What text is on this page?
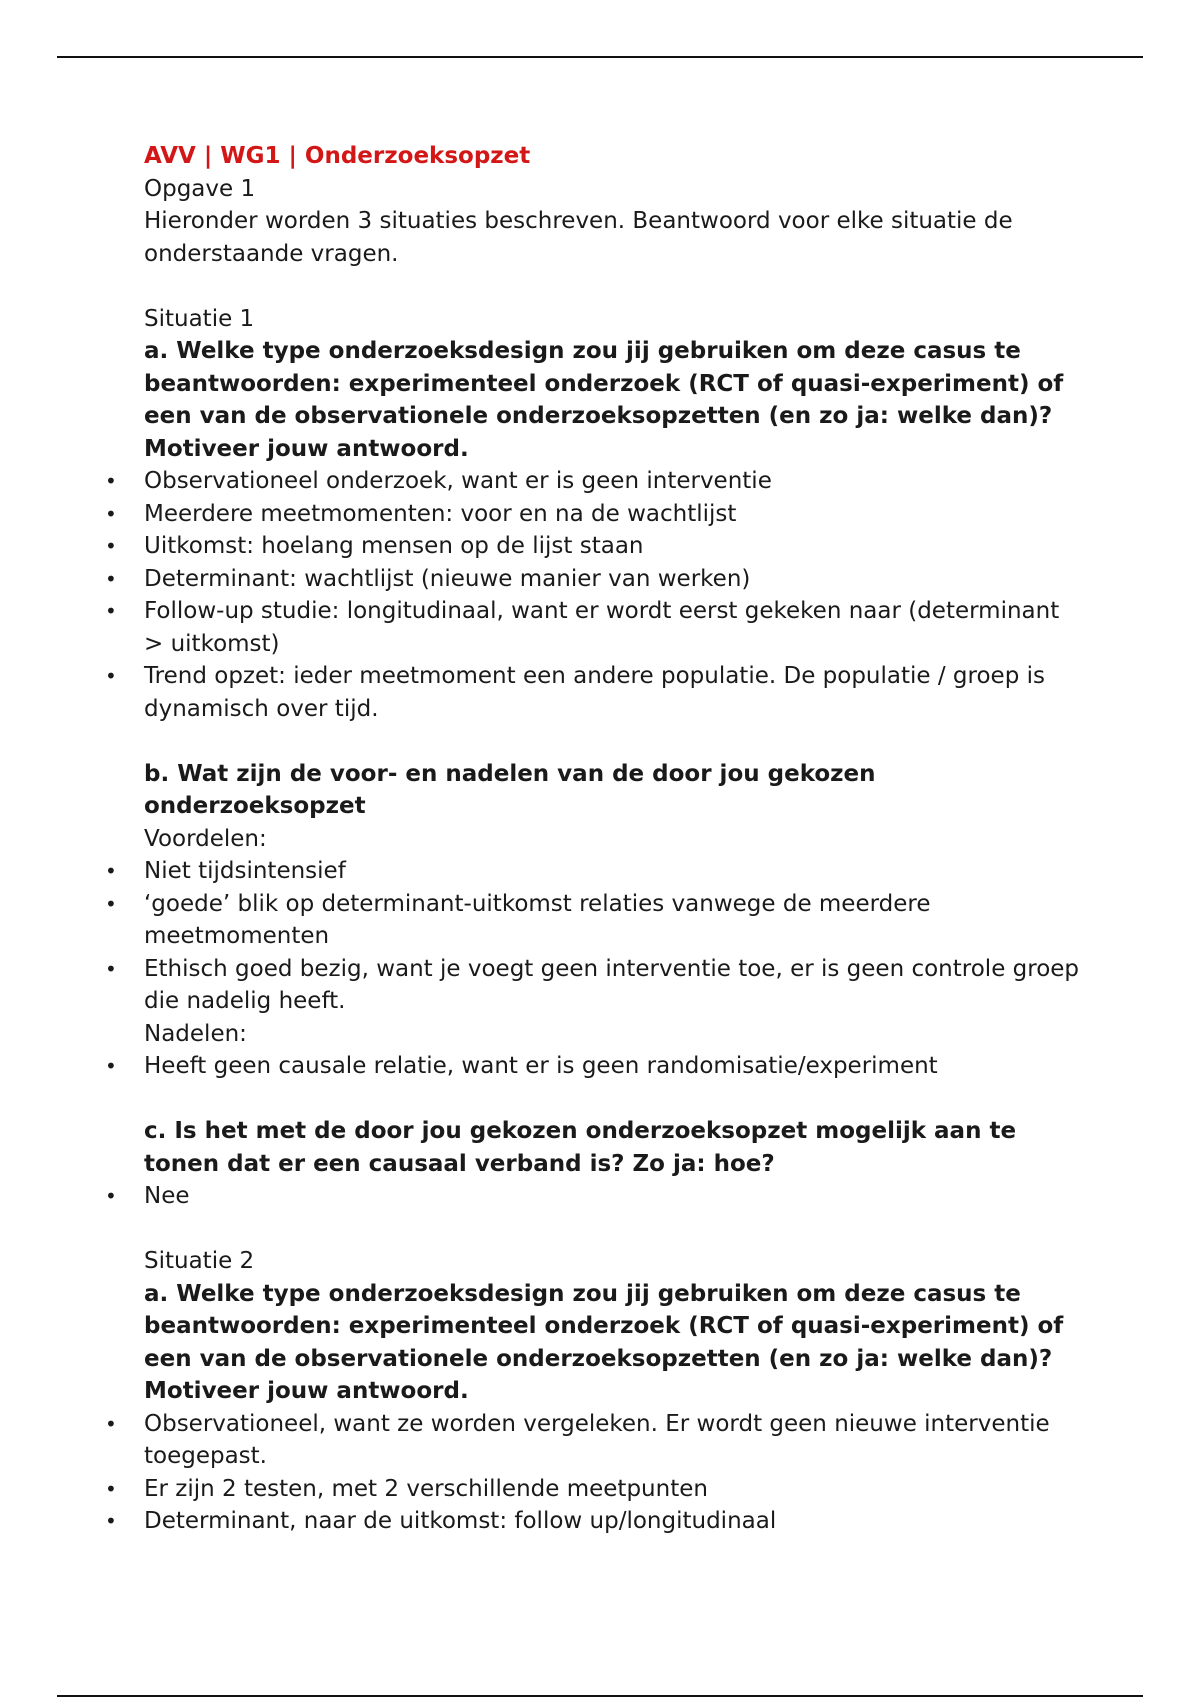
AVV | WG1 | Onderzoeksopzet

Opgave 1

Hieronder worden 3 situaties beschreven. Beantwoord voor elke situatie de onderstaande vragen.

Situatie 1

a. Welke type onderzoeksdesign zou jij gebruiken om deze casus te beantwoorden: experimenteel onderzoek (RCT of quasi-experiment) of een van de observationele onderzoeksopzetten (en zo ja: welke dan)? Motiveer jouw antwoord.

• Observationeel onderzoek, want er is geen interventie
• Meerdere meetmomenten: voor en na de wachtlijst
• Uitkomst: hoelang mensen op de lijst staan
• Determinant: wachtlijst (nieuwe manier van werken)
• Follow-up studie: longitudinaal, want er wordt eerst gekeken naar (determinant > uitkomst)
• Trend opzet: ieder meetmoment een andere populatie. De populatie / groep is dynamisch over tijd.

b. Wat zijn de voor- en nadelen van de door jou gekozen onderzoeksopzet

Voordelen:

• Niet tijdsintensief
• ‘goede’ blik op determinant-uitkomst relaties vanwege de meerdere meetmomenten
• Ethisch goed bezig, want je voegt geen interventie toe, er is geen controle groep die nadelig heeft.

Nadelen:

• Heeft geen causale relatie, want er is geen randomisatie/experiment

c. Is het met de door jou gekozen onderzoeksopzet mogelijk aan te tonen dat er een causaal verband is? Zo ja: hoe?

• Nee

Situatie 2

a. Welke type onderzoeksdesign zou jij gebruiken om deze casus te beantwoorden: experimenteel onderzoek (RCT of quasi-experiment) of een van de observationele onderzoeksopzetten (en zo ja: welke dan)? Motiveer jouw antwoord.

• Observationeel, want ze worden vergeleken. Er wordt geen nieuwe interventie toegepast.
• Er zijn 2 testen, met 2 verschillende meetpunten
• Determinant, naar de uitkomst: follow up/longitudinaal
